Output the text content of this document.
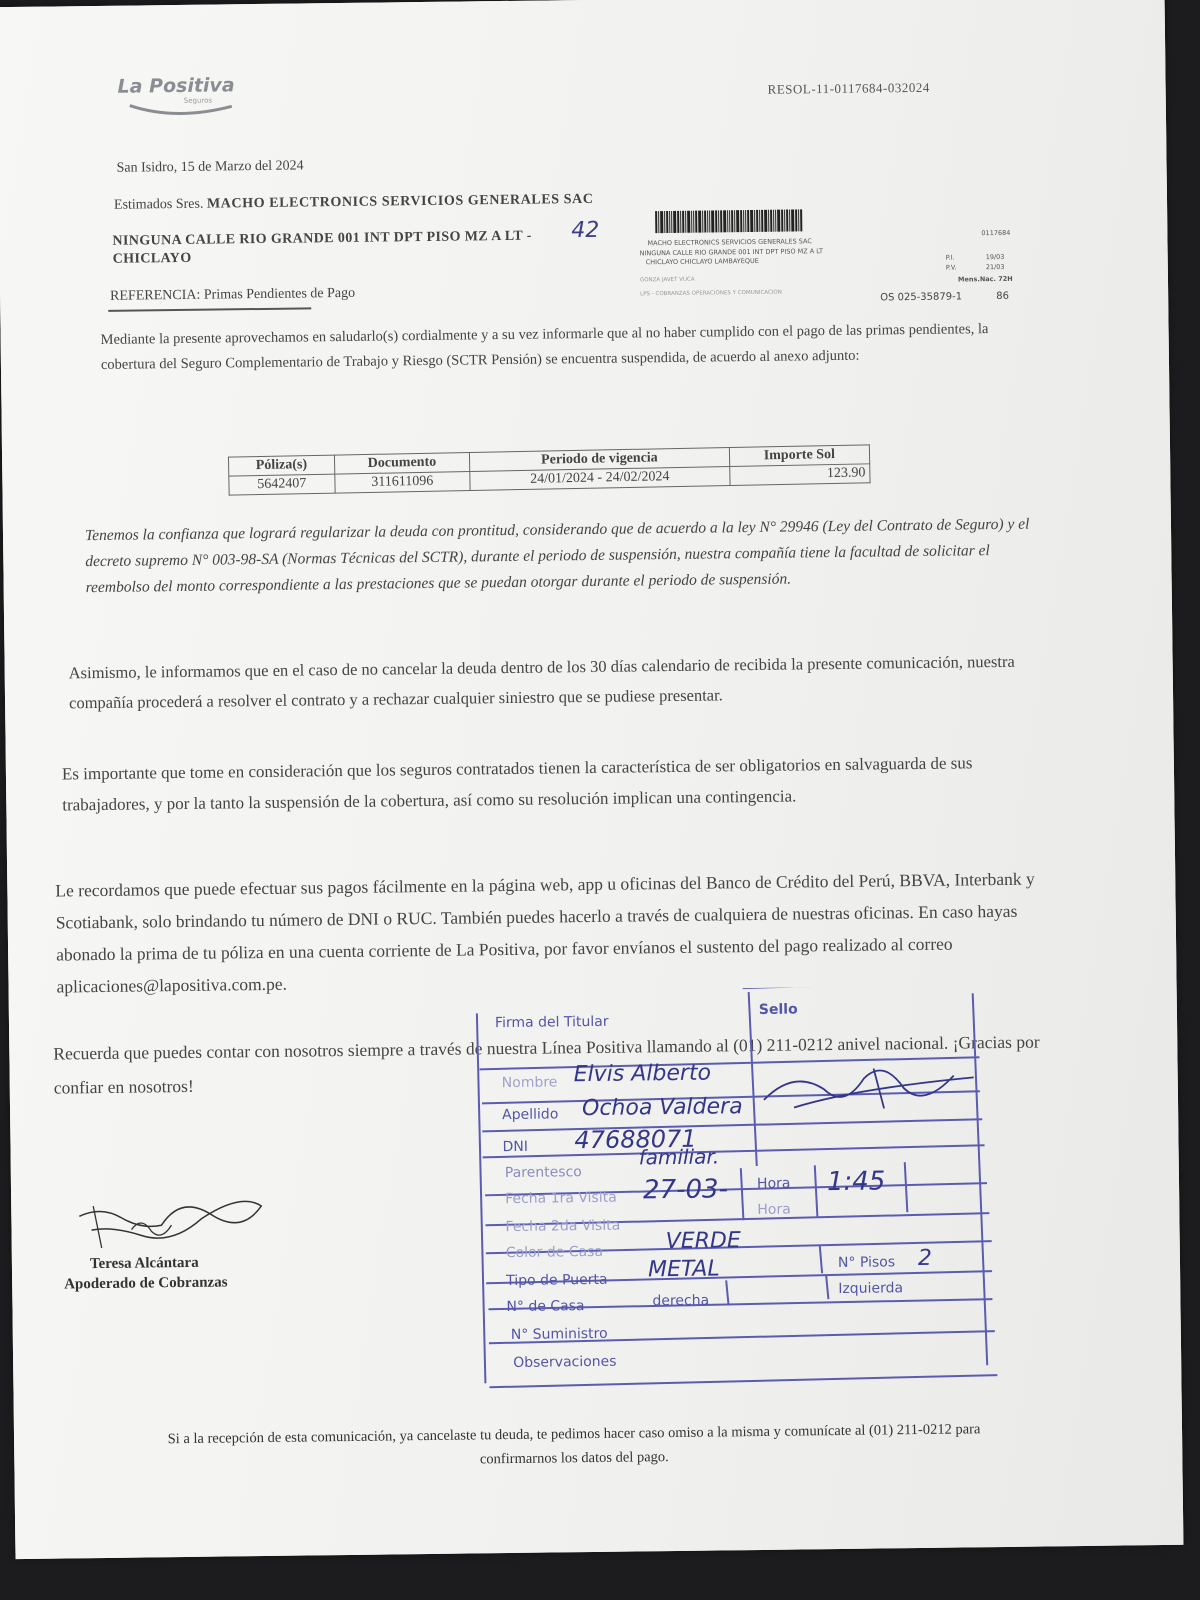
La Positiva
Seguros
RESOL-11-0117684-032024
San Isidro, 15 de Marzo del 2024
Estimados Sres. MACHO ELECTRONICS SERVICIOS GENERALES SAC
NINGUNA CALLE RIO GRANDE 001 INT DPT PISO MZ A LT - 42
CHICLAYO
REFERENCIA: Primas Pendientes de Pago
MACHO ELECTRONICS SERVICIOS GENERALES SAC
NINGUNA CALLE RIO GRANDE 001 INT DPT PISO MZ A LT
CHICLAYO CHICLAYO LAMBAYEQUE
GONZA JAVET VUCA
LPS - COBRANZAS OPERACIONES Y COMUNICACION
0117684
P.I.	19/03
P.V.	21/03
Mens.Nac. 72H
OS 025-35879-1	86
Mediante la presente aprovechamos en saludarlo(s) cordialmente y a su vez informarle que al no haber cumplido con el pago de las primas pendientes, la cobertura del Seguro Complementario de Trabajo y Riesgo (SCTR Pensión) se encuentra suspendida, de acuerdo al anexo adjunto:
Póliza(s)	Documento	Periodo de vigencia	Importe Sol
5642407	311611096	24/01/2024 - 24/02/2024	123.90
Tenemos la confianza que logrará regularizar la deuda con prontitud, considerando que de acuerdo a la ley N° 29946 (Ley del Contrato de Seguro) y el decreto supremo N° 003-98-SA (Normas Técnicas del SCTR), durante el periodo de suspensión, nuestra compañía tiene la facultad de solicitar el reembolso del monto correspondiente a las prestaciones que se puedan otorgar durante el periodo de suspensión.
Asimismo, le informamos que en el caso de no cancelar la deuda dentro de los 30 días calendario de recibida la presente comunicación, nuestra compañía procederá a resolver el contrato y a rechazar cualquier siniestro que se pudiese presentar.
Es importante que tome en consideración que los seguros contratados tienen la característica de ser obligatorios en salvaguarda de sus trabajadores, y por la tanto la suspensión de la cobertura, así como su resolución implican una contingencia.
Le recordamos que puede efectuar sus pagos fácilmente en la página web, app u oficinas del Banco de Crédito del Perú, BBVA, Interbank y Scotiabank, solo brindando tu número de DNI o RUC. También puedes hacerlo a través de cualquiera de nuestras oficinas. En caso hayas abonado la prima de tu póliza en una cuenta corriente de La Positiva, por favor envíanos el sustento del pago realizado al correo aplicaciones@lapositiva.com.pe.
Recuerda que puedes contar con nosotros siempre a través de nuestra Línea Positiva llamando al (01) 211-0212 anivel nacional. ¡Gracias por confiar en nosotros!
Teresa Alcántara
Apoderado de Cobranzas
Firma del Titular
Sello
Nombre Elvis Alberto
Apellido Ochoa Valdera
DNI 47688071
Parentesco
familiar.
Fecha 1ra Visita 27-03- Hora 1:45
Fecha 2da Visita
Hora
Color de Casa	VERDE
Tipo de Puerta METAL	N° Pisos 2
N° de Casa	derecha
Izquierda
N° Suministro
Observaciones
Si a la recepción de esta comunicación, ya cancelaste tu deuda, te pedimos hacer caso omiso a la misma y comunícate al (01) 211-0212 para confirmarnos los datos del pago.
